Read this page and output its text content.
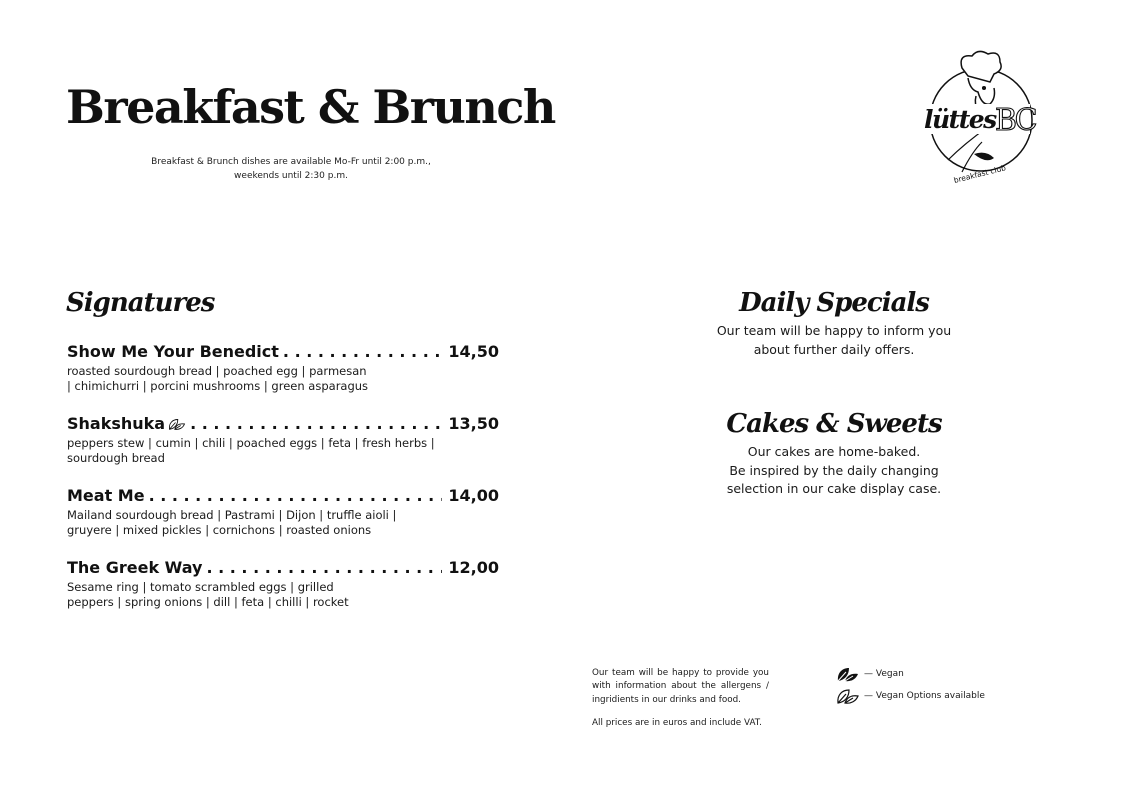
Breakfast & Brunch
Breakfast & Brunch dishes are available Mo-Fr until 2:00 p.m.,
weekends until 2:30 p.m.
lüttes BC
breakfast club
Signatures
Show Me Your Benedict . . .	14,50
roasted sourdough bread | poached egg | parmesan
| chimichurri | porcini mushrooms | green asparagus
Shakshuka . . .	13,50
peppers stew | cumin | chili | poached eggs | feta | fresh herbs |
sourdough bread
Meat Me . . .	14,00
Mailand sourdough bread | Pastrami | Dijon | truffle aioli |
gruyere | mixed pickles | cornichons | roasted onions
The Greek Way . . .	12,00
Sesame ring | tomato scrambled eggs | grilled
peppers | spring onions | dill | feta | chilli | rocket
Daily Specials
Our team will be happy to inform you
about further daily offers.
Cakes & Sweets
Our cakes are home-baked.
Be inspired by the daily changing
selection in our cake display case.

Our team will be happy to provide you with information about the allergens / ingridients in our drinks and food.

All prices are in euros and include VAT.

— Vegan
— Vegan Options available
